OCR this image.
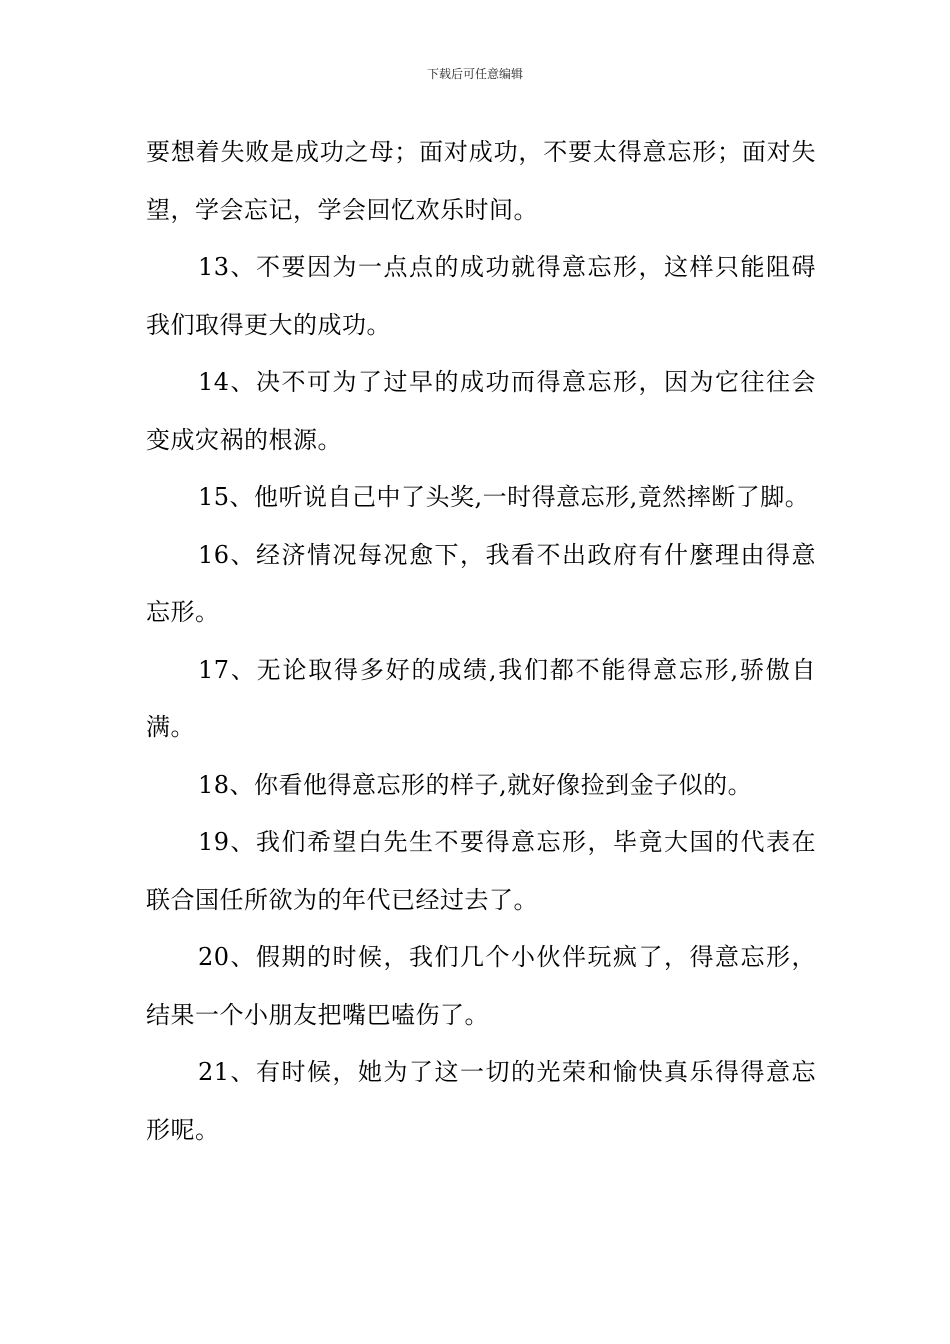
下载后可任意编辑

要想着失败是成功之母；面对成功，不要太得意忘形；面对失望，学会忘记，学会回忆欢乐时间。

13、不要因为一点点的成功就得意忘形，这样只能阻碍我们取得更大的成功。

14、决不可为了过早的成功而得意忘形，因为它往往会变成灾祸的根源。

15、他听说自己中了头奖,一时得意忘形,竟然摔断了脚。

16、经济情况每况愈下，我看不出政府有什麼理由得意忘形。

17、无论取得多好的成绩,我们都不能得意忘形,骄傲自满。

18、你看他得意忘形的样子,就好像捡到金子似的。

19、我们希望白先生不要得意忘形，毕竟大国的代表在联合国任所欲为的年代已经过去了。

20、假期的时候，我们几个小伙伴玩疯了，得意忘形，结果一个小朋友把嘴巴嗑伤了。

21、有时候，她为了这一切的光荣和愉快真乐得得意忘形呢。
